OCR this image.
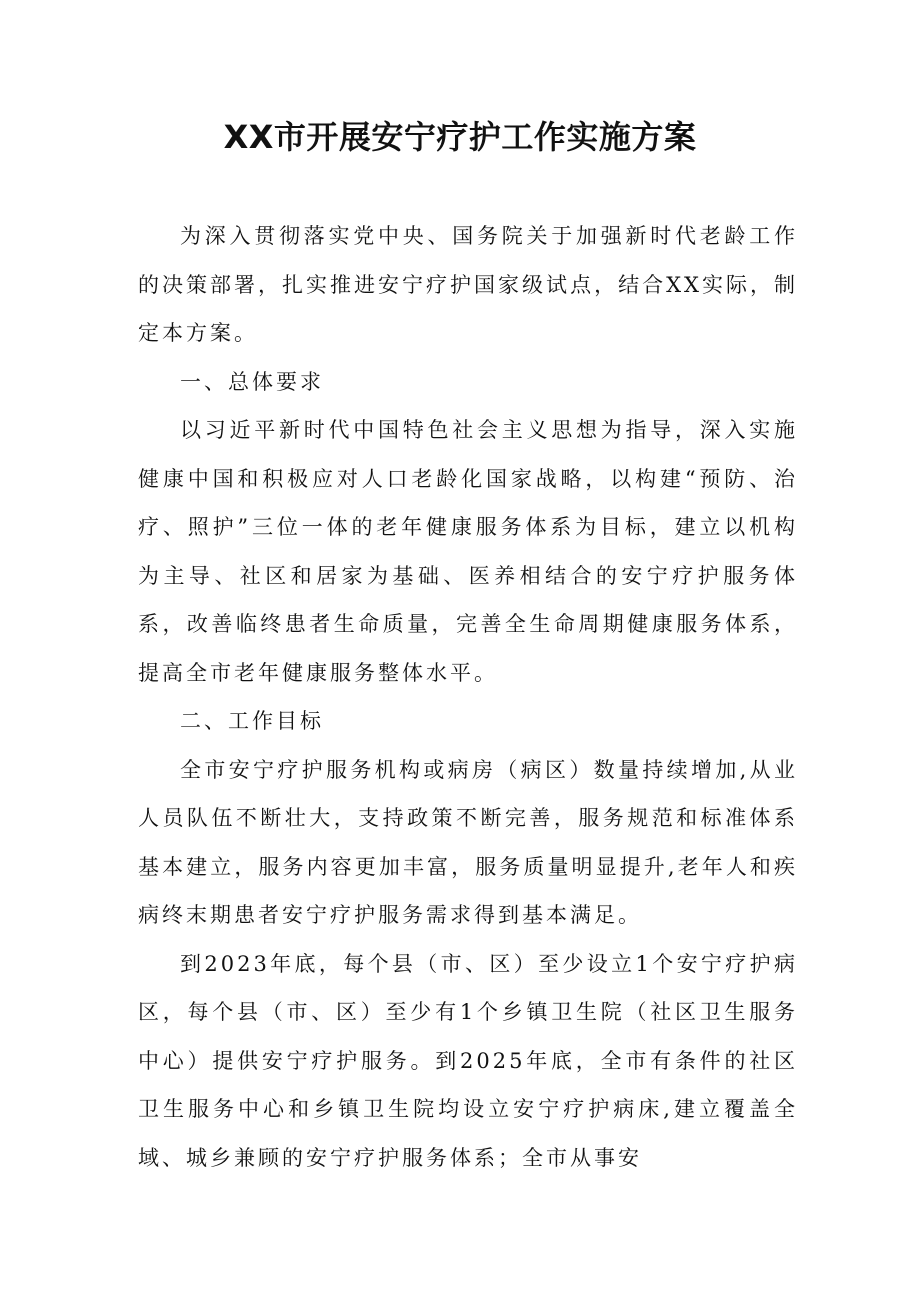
XX市开展安宁疗护工作实施方案

为深入贯彻落实党中央、国务院关于加强新时代老龄工作的决策部署，扎实推进安宁疗护国家级试点，结合XX实际，制定本方案。

一、总体要求

以习近平新时代中国特色社会主义思想为指导，深入实施健康中国和积极应对人口老龄化国家战略，以构建“预防、治疗、照护”三位一体的老年健康服务体系为目标，建立以机构为主导、社区和居家为基础、医养相结合的安宁疗护服务体系，改善临终患者生命质量，完善全生命周期健康服务体系，提高全市老年健康服务整体水平。

二、工作目标

全市安宁疗护服务机构或病房（病区）数量持续增加,从业人员队伍不断壮大，支持政策不断完善，服务规范和标准体系基本建立，服务内容更加丰富，服务质量明显提升,老年人和疾病终末期患者安宁疗护服务需求得到基本满足。

到2023年底，每个县（市、区）至少设立1个安宁疗护病区，每个县（市、区）至少有1个乡镇卫生院（社区卫生服务中心）提供安宁疗护服务。到2025年底，全市有条件的社区卫生服务中心和乡镇卫生院均设立安宁疗护病床,建立覆盖全域、城乡兼顾的安宁疗护服务体系；全市从事安
